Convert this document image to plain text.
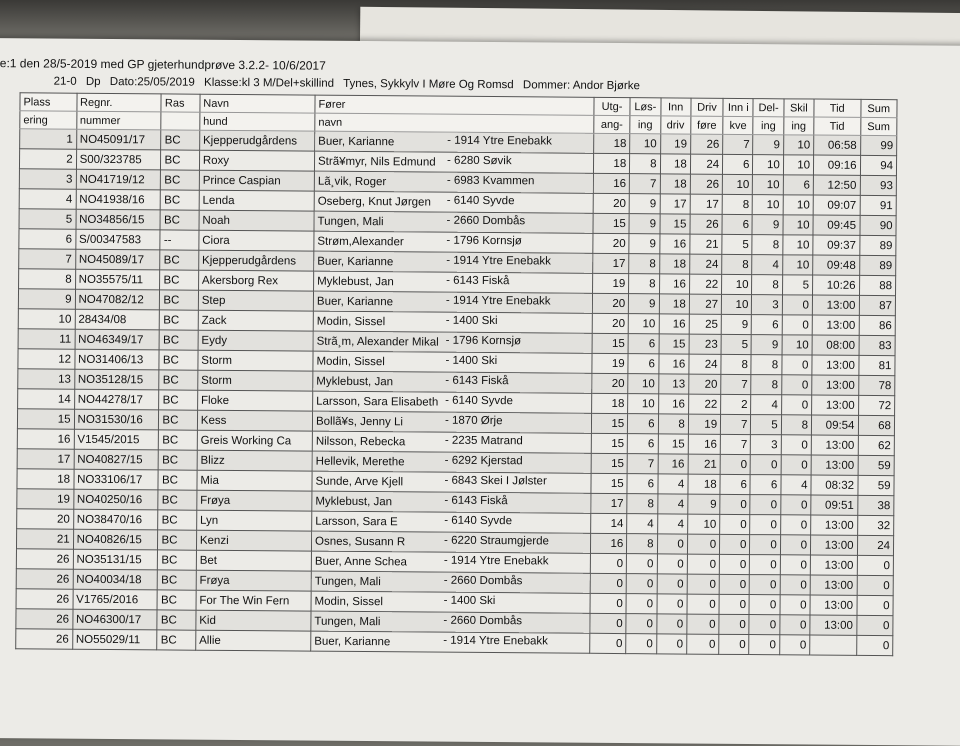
e:1 den 28/5-2019 med GP gjeterhundprøve 3.2.2- 10/6/2017
21-0 Dp Dato:25/05/2019 Klasse:kl 3 M/Del+skillind Tynes, Sykkylv I Møre Og Romsd Dommer: Andor Bjørke
Plass	Regnr.	Ras	Navn	Fører	Utg-	Løs-	Inn	Driv	Inn i	Del-	Skil	Tid	Sum
ering	nummer		hund	navn	ang-	ing	driv	føre	kve	ing	ing	Tid	Sum
1	NO45091/17	BC	Kjepperudgårdens	Buer, Karianne - 1914 Ytre Enebakk	18	10	19	26	7	9	10	06:58	99
2	S00/323785	BC	Roxy	Strã¥myr, Nils Edmund - 6280 Søvik	18	8	18	24	6	10	10	09:16	94
3	NO41719/12	BC	Prince Caspian	Lã¸vik, Roger - 6983 Kvammen	16	7	18	26	10	10	6	12:50	93
4	NO41938/16	BC	Lenda	Oseberg, Knut Jørgen - 6140 Syvde	20	9	17	17	8	10	10	09:07	91
5	NO34856/15	BC	Noah	Tungen, Mali - 2660 Dombås	15	9	15	26	6	9	10	09:45	90
6	S/00347583	--	Ciora	Strøm,Alexander - 1796 Kornsjø	20	9	16	21	5	8	10	09:37	89
7	NO45089/17	BC	Kjepperudgårdens	Buer, Karianne - 1914 Ytre Enebakk	17	8	18	24	8	4	10	09:48	89
8	NO35575/11	BC	Akersborg Rex	Myklebust, Jan - 6143 Fiskå	19	8	16	22	10	8	5	10:26	88
9	NO47082/12	BC	Step	Buer, Karianne - 1914 Ytre Enebakk	20	9	18	27	10	3	0	13:00	87
10	28434/08	BC	Zack	Modin, Sissel - 1400 Ski	20	10	16	25	9	6	0	13:00	86
11	NO46349/17	BC	Eydy	Strã¸m, Alexander Mikal - 1796 Kornsjø	15	6	15	23	5	9	10	08:00	83
12	NO31406/13	BC	Storm	Modin, Sissel - 1400 Ski	19	6	16	24	8	8	0	13:00	81
13	NO35128/15	BC	Storm	Myklebust, Jan - 6143 Fiskå	20	10	13	20	7	8	0	13:00	78
14	NO44278/17	BC	Floke	Larsson, Sara Elisabeth - 6140 Syvde	18	10	16	22	2	4	0	13:00	72
15	NO31530/16	BC	Kess	Bollã¥s, Jenny Li - 1870 Ørje	15	6	8	19	7	5	8	09:54	68
16	V1545/2015	BC	Greis Working Ca	Nilsson, Rebecka - 2235 Matrand	15	6	15	16	7	3	0	13:00	62
17	NO40827/15	BC	Blizz	Hellevik, Merethe - 6292 Kjerstad	15	7	16	21	0	0	0	13:00	59
18	NO33106/17	BC	Mia	Sunde, Arve Kjell - 6843 Skei I Jølster	15	6	4	18	6	6	4	08:32	59
19	NO40250/16	BC	Frøya	Myklebust, Jan - 6143 Fiskå	17	8	4	9	0	0	0	09:51	38
20	NO38470/16	BC	Lyn	Larsson, Sara E - 6140 Syvde	14	4	4	10	0	0	0	13:00	32
21	NO40826/15	BC	Kenzi	Osnes, Susann R - 6220 Straumgjerde	16	8	0	0	0	0	0	13:00	24
26	NO35131/15	BC	Bet	Buer, Anne Schea - 1914 Ytre Enebakk	0	0	0	0	0	0	0	13:00	0
26	NO40034/18	BC	Frøya	Tungen, Mali - 2660 Dombås	0	0	0	0	0	0	0	13:00	0
26	V1765/2016	BC	For The Win Fern	Modin, Sissel - 1400 Ski	0	0	0	0	0	0	0	13:00	0
26	NO46300/17	BC	Kid	Tungen, Mali - 2660 Dombås	0	0	0	0	0	0	0	13:00	0
26	NO55029/11	BC	Allie	Buer, Karianne - 1914 Ytre Enebakk	0	0	0	0	0	0	0		0
